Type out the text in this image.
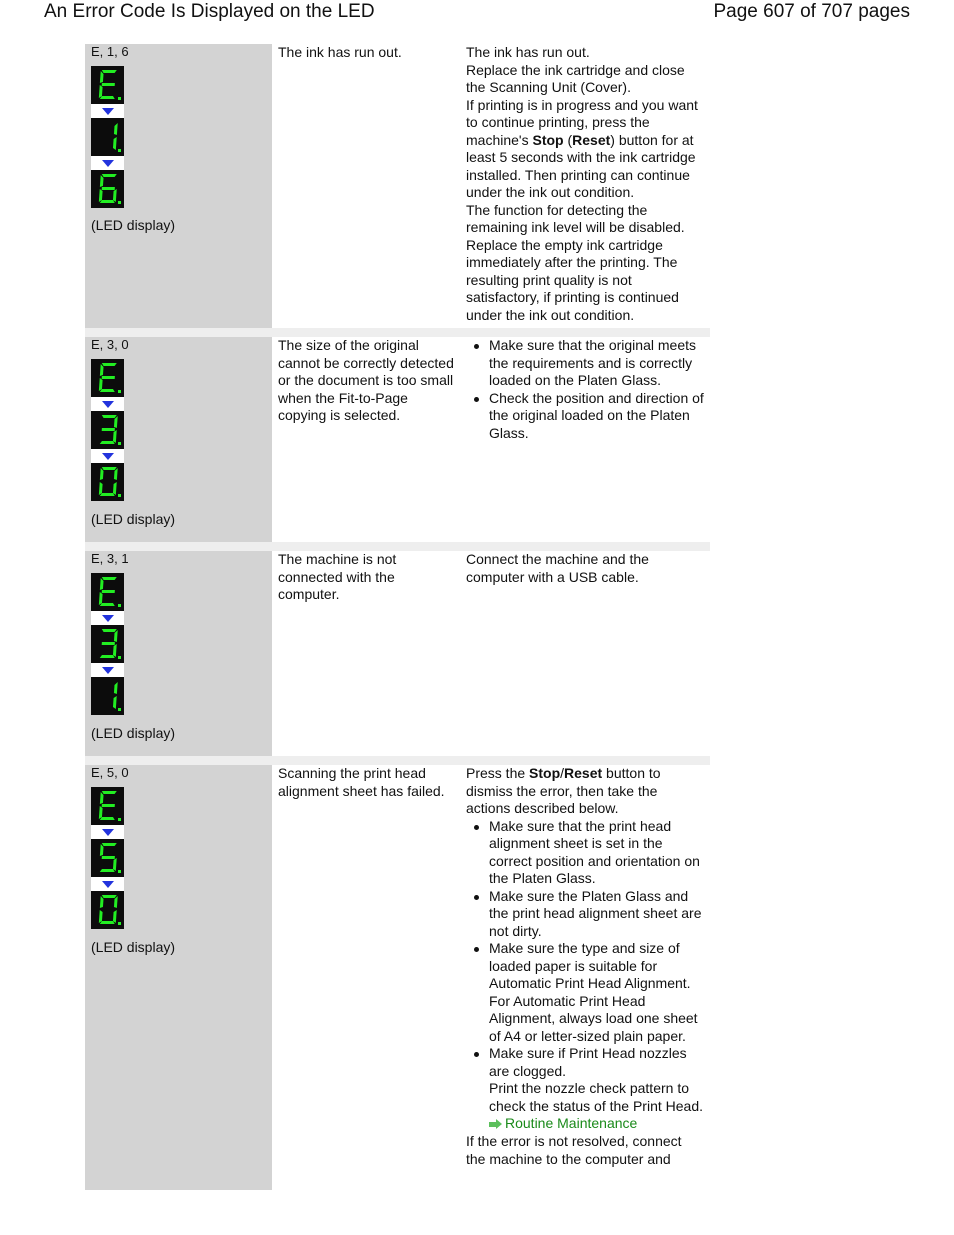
An Error Code Is Displayed on the LED	Page 607 of 707 pages
E, 1, 6
(LED display)

The ink has run out.	The ink has run out.

Replace the ink cartridge and close the Scanning Unit (Cover).

If printing is in progress and you want to continue printing, press the machine's Stop (Reset) button for at least 5 seconds with the ink cartridge installed. Then printing can continue under the ink out condition.

The function for detecting the remaining ink level will be disabled. Replace the empty ink cartridge immediately after the printing. The resulting print quality is not satisfactory, if printing is continued under the ink out condition.

E, 3, 0
(LED display)

The size of the original cannot be correctly detected or the document is too small when the Fit-to-Page copying is selected.

Make sure that the original meets the requirements and is correctly loaded on the Platen Glass.
Check the position and direction of the original loaded on the Platen Glass.
E, 3, 1
(LED display)

The machine is not connected with the computer.

Connect the machine and the computer with a USB cable.

E, 5, 0
(LED display)

Scanning the print head alignment sheet has failed.

Press the Stop/Reset button to dismiss the error, then take the actions described below.

Make sure that the print head alignment sheet is set in the correct position and orientation on the Platen Glass.
Make sure the Platen Glass and the print head alignment sheet are not dirty.
Make sure the type and size of loaded paper is suitable for Automatic Print Head Alignment.
For Automatic Print Head Alignment, always load one sheet of A4 or letter-sized plain paper.
Make sure if Print Head nozzles are clogged.
Print the nozzle check pattern to check the status of the Print Head.
Routine Maintenance

If the error is not resolved, connect the machine to the computer and
